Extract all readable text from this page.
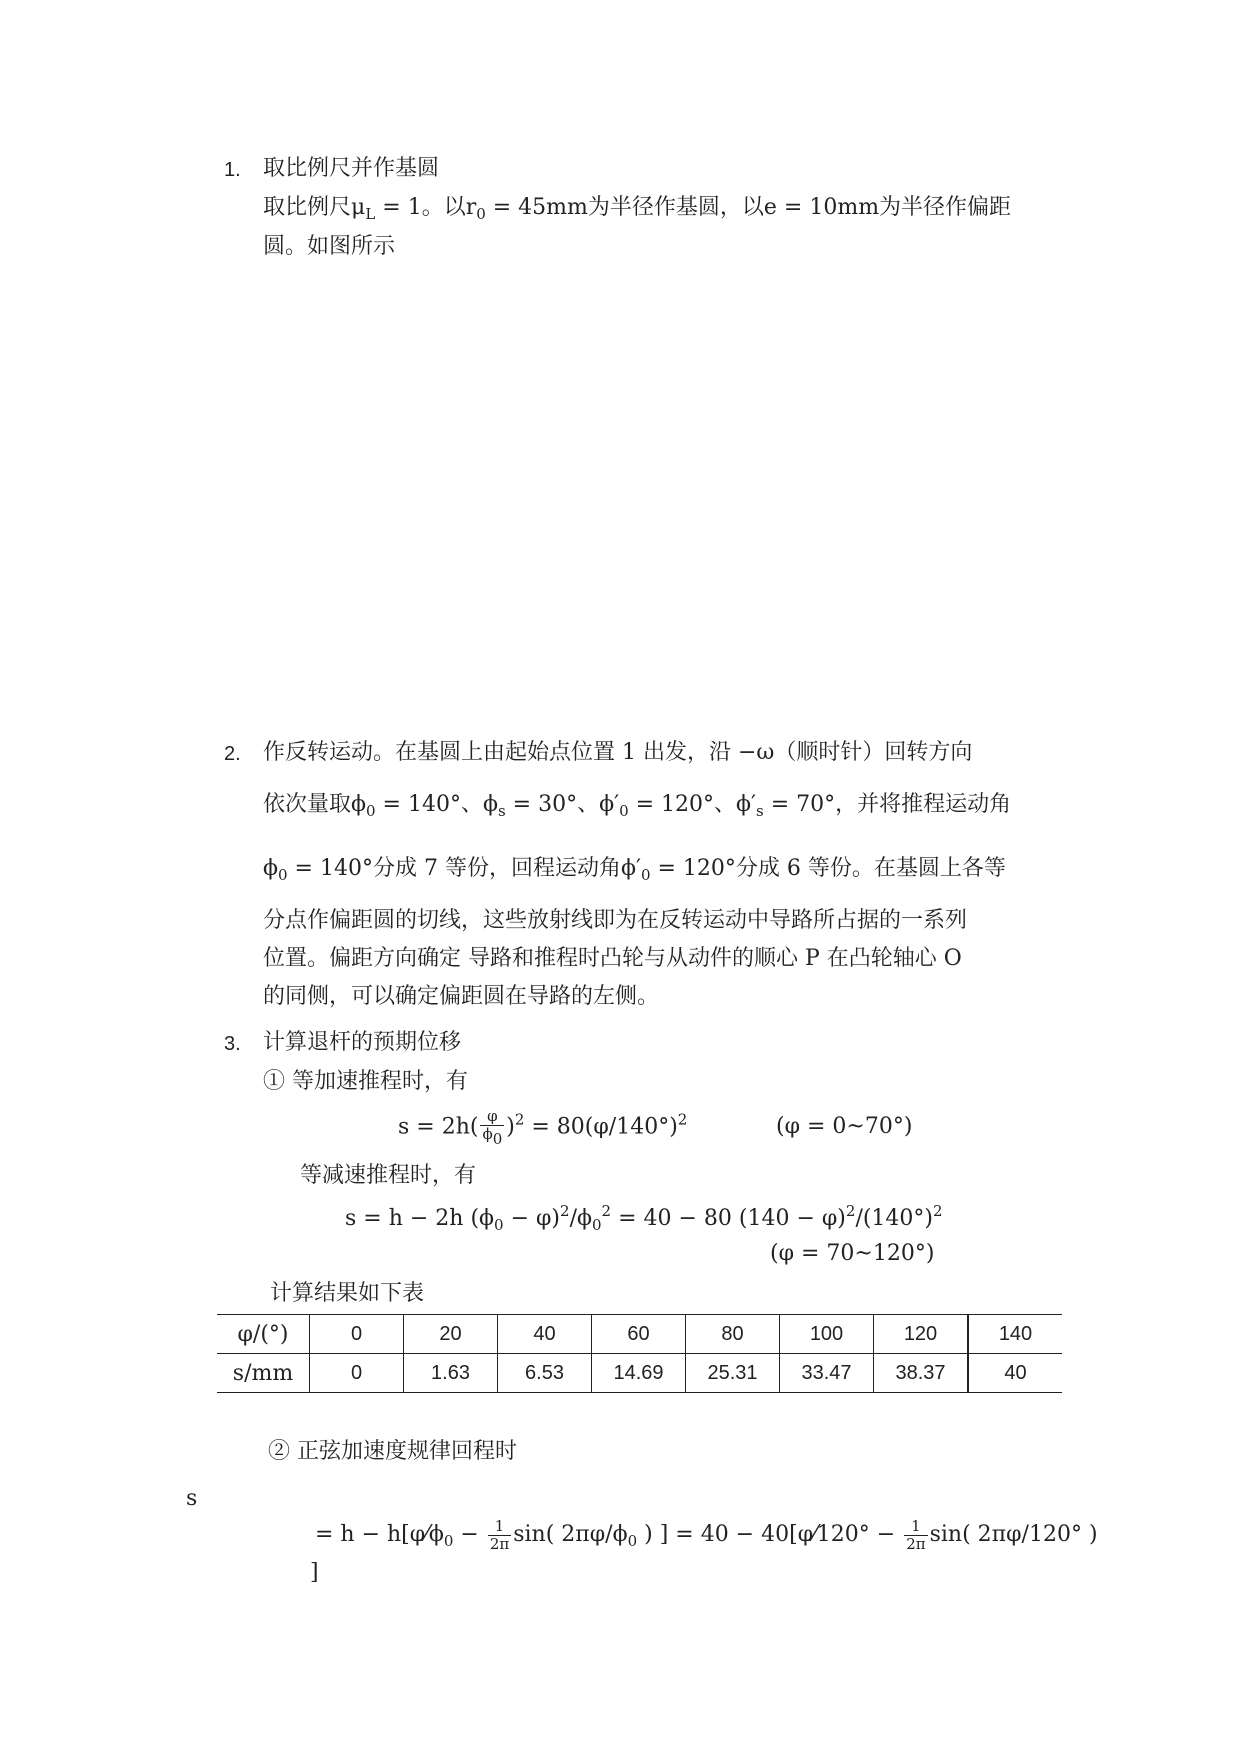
1. 取比例尺并作基圆
取比例尺$\mu_L = 1$。以$r_0 = 45mm$为半径作基圆，以e = 10mm为半径作偏距
圆。如图所示
2. 作反转运动。在基圆上由起始点位置 1 出发，沿 −ω（顺时针）回转方向
依次量取$\phi_0 = 140^\circ$、$\phi_s = 30^\circ$、$\phi'_0 = 120^\circ$、$\phi'_s = 70^\circ$，并将推程运动角
$\phi_0 = 140^\circ$分成 7 等份，回程运动角$\phi'_0 = 120^\circ$分成 6 等份。在基圆上各等
分点作偏距圆的切线，这些放射线即为在反转运动中导路所占据的一系列
位置。偏距方向确定 导路和推程时凸轮与从动件的顺心 P 在凸轮轴心 O
的同侧，可以确定偏距圆在导路的左侧。
3. 计算退杆的预期位移
① 等加速推程时，有
$s = 2h( \frac{\varphi}{\phi 0} )^2 = 80(\varphi/140^\circ)^2$	(φ = 0~70°)
等减速推程时，有
s = h − 2h $(\phi_0 - \varphi)^2/\phi_0^2 = 40 - 80$ $(140 - \varphi)^2/(140^\circ)^2$
(φ = 70~120°)
计算结果如下表
φ/(°)	0	20	40	60	80	100	120	140
s/mm	0	1.63	6.53	14.69	25.31	33.47	38.37	40
② 正弦加速度规律回程时
s
= $h - h[\varphi⁄\phi_0 - \frac{1}{2\pi} \sin$( $2\pi\varphi/\phi_0$ ) ] = 40 − 40[φ⁄120° − $\frac{1}{2\pi} \sin$( 2πφ/120° )
]
